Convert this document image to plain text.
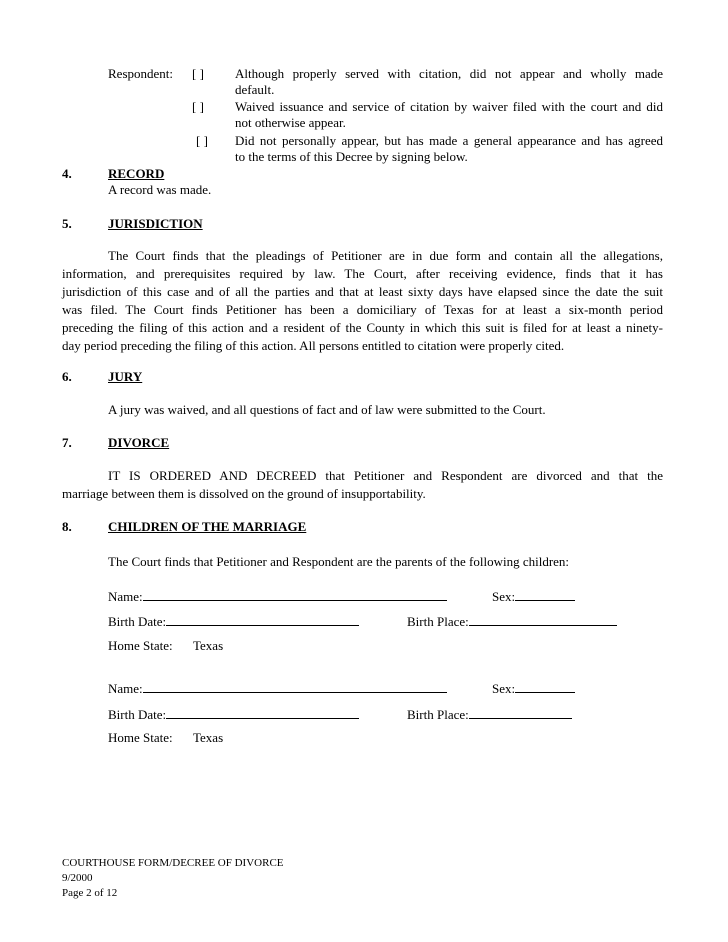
Respondent: [ ] Although properly served with citation, did not appear and wholly made
default.
[ ] Waived issuance and service of citation by waiver filed with the court and did
not otherwise appear.
[ ] Did not personally appear, but has made a general appearance and has agreed
to the terms of this Decree by signing below.
4.	RECORD
A record was made.
5.	JURISDICTION
The Court finds that the pleadings of Petitioner are in due form and contain all the allegations,
information, and prerequisites required by law. The Court, after receiving evidence, finds that it has
jurisdiction of this case and of all the parties and that at least sixty days have elapsed since the date the suit
was filed. The Court finds Petitioner has been a domiciliary of Texas for at least a six-month period
preceding the filing of this action and a resident of the County in which this suit is filed for at least a ninety-
day period preceding the filing of this action. All persons entitled to citation were properly cited.
6.	JURY
A jury was waived, and all questions of fact and of law were submitted to the Court.
7.	DIVORCE
IT IS ORDERED AND DECREED that Petitioner and Respondent are divorced and that the
marriage between them is dissolved on the ground of insupportability.
8.	CHILDREN OF THE MARRIAGE
The Court finds that Petitioner and Respondent are the parents of the following children:
Name:	Sex:
Birth Date:	Birth Place:
Home State: Texas
Name:	Sex:
Birth Date:	Birth Place:
Home State: Texas
COURTHOUSE FORM/DECREE OF DIVORCE
9/2000
Page 2 of 12
